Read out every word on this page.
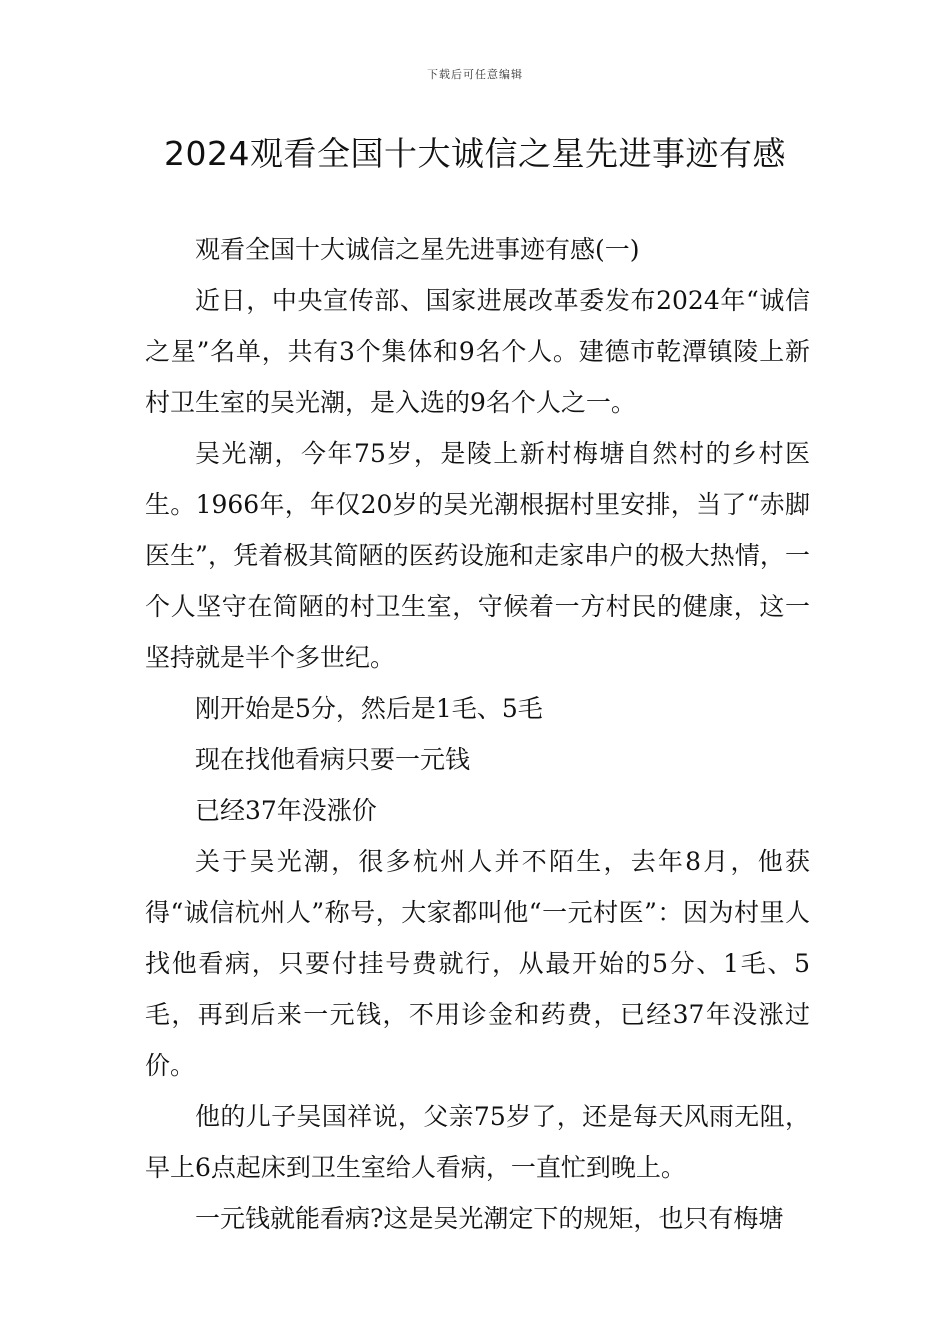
下载后可任意编辑
2024观看全国十大诚信之星先进事迹有感

观看全国十大诚信之星先进事迹有感(一)

近日，中央宣传部、国家进展改革委发布2024年“诚信之星”名单，共有3个集体和9名个人。建德市乾潭镇陵上新村卫生室的吴光潮，是入选的9名个人之一。

吴光潮，今年75岁，是陵上新村梅塘自然村的乡村医生。1966年，年仅20岁的吴光潮根据村里安排，当了“赤脚医生”，凭着极其简陋的医药设施和走家串户的极大热情，一个人坚守在简陋的村卫生室，守候着一方村民的健康，这一坚持就是半个多世纪。

刚开始是5分，然后是1毛、5毛

现在找他看病只要一元钱

已经37年没涨价

关于吴光潮，很多杭州人并不陌生，去年8月，他获得“诚信杭州人”称号，大家都叫他“一元村医”：因为村里人找他看病，只要付挂号费就行，从最开始的5分、1毛、5毛，再到后来一元钱，不用诊金和药费，已经37年没涨过价。

他的儿子吴国祥说，父亲75岁了，还是每天风雨无阻，早上6点起床到卫生室给人看病，一直忙到晚上。

一元钱就能看病?这是吴光潮定下的规矩，也只有梅塘
